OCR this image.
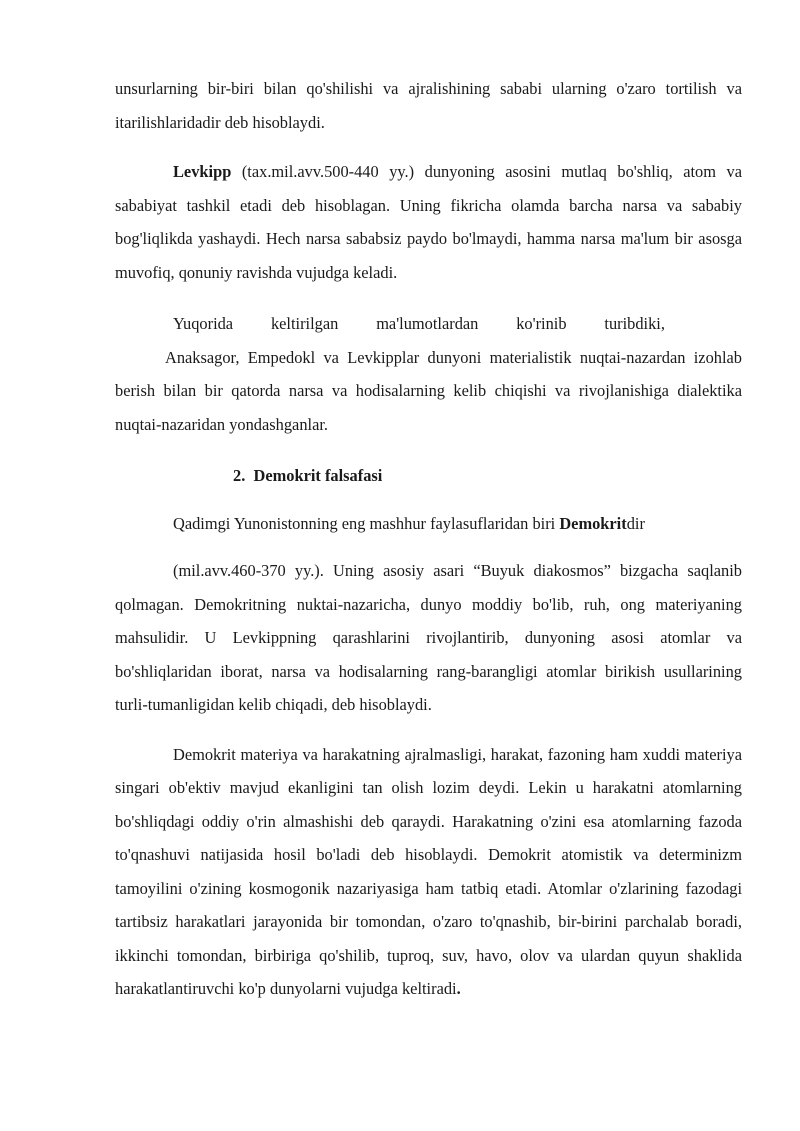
unsurlarning bir-biri bilan qo'shilishi va ajralishining sababi ularning o'zaro tortilish va itarilishlaridadir deb hisoblaydi.

Levkipp (tax.mil.avv.500-440 yy.) dunyoning asosini mutlaq bo'shliq, atom va sababiyat tashkil etadi deb hisoblagan. Uning fikricha olamda barcha narsa va sababiy bog'liqlikda yashaydi. Hech narsa sababsiz paydo bo'lmaydi, hamma narsa ma'lum bir asosga muvofiq, qonuniy ravishda vujudga keladi.

Yuqorida keltirilgan ma'lumotlardan ko'rinib turibdiki,

Anaksagor, Empedokl va Levkipplar dunyoni materialistik nuqtai-nazardan izohlab berish bilan bir qatorda narsa va hodisalarning kelib chiqishi va rivojlanishiga dialektika nuqtai-nazaridan yondashganlar.

2. Demokrit falsafasi

Qadimgi Yunonistonning eng mashhur faylasuflaridan biri Demokritdir

(mil.avv.460-370 yy.). Uning asosiy asari “Buyuk diakosmos” bizgacha saqlanib qolmagan. Demokritning nuktai-nazaricha, dunyo moddiy bo'lib, ruh, ong materiyaning mahsulidir. U Levkippning qarashlarini rivojlantirib, dunyoning asosi atomlar va bo'shliqlaridan iborat, narsa va hodisalarning rang-barangligi atomlar birikish usullarining turli-tumanligidan kelib chiqadi, deb hisoblaydi.

Demokrit materiya va harakatning ajralmasligi, harakat, fazoning ham xuddi materiya singari ob'ektiv mavjud ekanligini tan olish lozim deydi. Lekin u harakatni atomlarning bo'shliqdagi oddiy o'rin almashishi deb qaraydi. Harakatning o'zini esa atomlarning fazoda to'qnashuvi natijasida hosil bo'ladi deb hisoblaydi. Demokrit atomistik va determinizm tamoyilini o'zining kosmogonik nazariyasiga ham tatbiq etadi. Atomlar o'zlarining fazodagi tartibsiz harakatlari jarayonida bir tomondan, o'zaro to'qnashib, bir-birini parchalab boradi, ikkinchi tomondan, birbiriga qo'shilib, tuproq, suv, havo, olov va ulardan quyun shaklida harakatlantiruvchi ko'p dunyolarni vujudga keltiradi.
